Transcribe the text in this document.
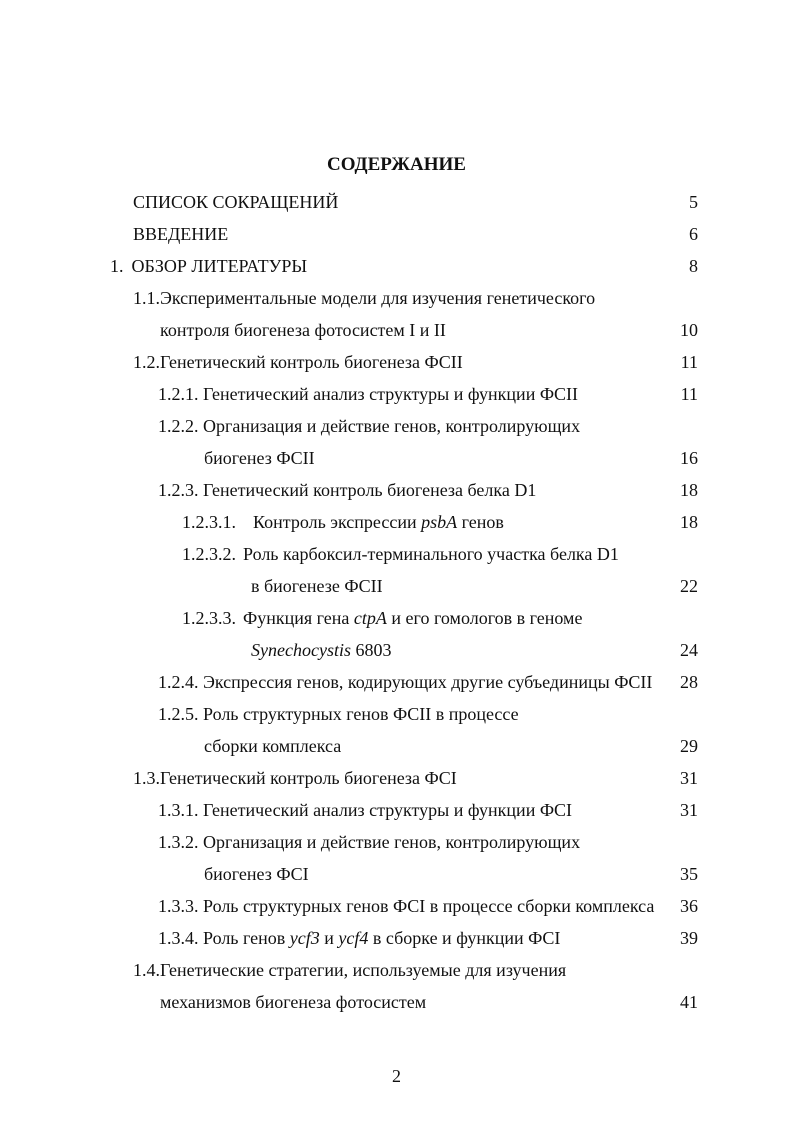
СОДЕРЖАНИЕ
СПИСОК СОКРАЩЕНИЙ	5
ВВЕДЕНИЕ	6
1. ОБЗОР ЛИТЕРАТУРЫ	8
1.1.Экспериментальные модели для изучения генетического
контроля биогенеза фотосистем I и II	10
1.2.Генетический контроль биогенеза ФСII	11
1.2.1. Генетический анализ структуры и функции ФСII	11
1.2.2. Организация и действие генов, контролирующих
биогенез ФСII	16
1.2.3. Генетический контроль биогенеза белка D1	18
1.2.3.1. Контроль экспрессии psbA генов	18
1.2.3.2. Роль карбоксил-терминального участка белка D1
в биогенезе ФСII	22
1.2.3.3. Функция гена ctpA и его гомологов в геноме
Synechocystis 6803	24
1.2.4. Экспрессия генов, кодирующих другие субъединицы ФСII 28
1.2.5. Роль структурных генов ФСII в процессе
сборки комплекса	29
1.3.Генетический контроль биогенеза ФСI	31
1.3.1. Генетический анализ структуры и функции ФСI	31
1.3.2. Организация и действие генов, контролирующих
биогенез ФСI	35
1.3.3. Роль структурных генов ФСI в процессе сборки комплекса 36
1.3.4. Роль генов ycf3 и ycf4 в сборке и функции ФСI	39
1.4.Генетические стратегии, используемые для изучения
механизмов биогенеза фотосистем	41
2
